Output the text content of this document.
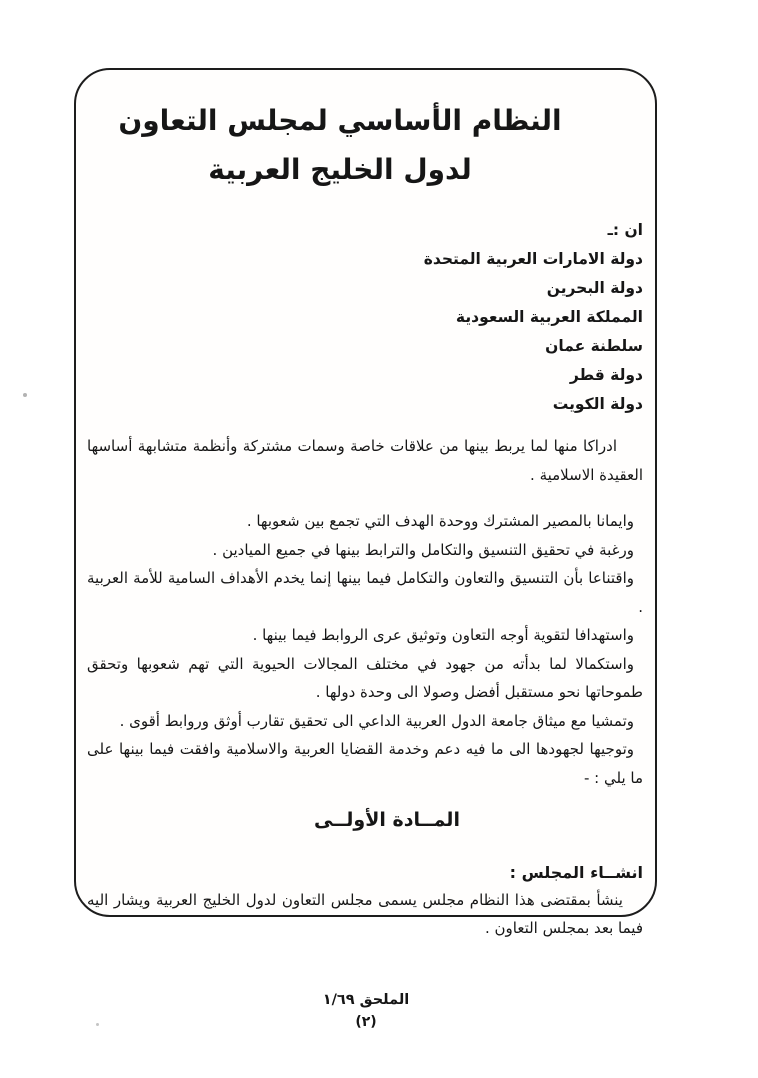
النظام الأساسي لمجلس التعاون
لدول الخليج العربية
ان :ـ
دولة الامارات العربية المتحدة
دولة البحرين
المملكة العربية السعودية
سلطنة عمان
دولة قطر
دولة الكويت

ادراكا منها لما يربط بينها من علاقات خاصة وسمات مشتركة وأنظمة متشابهة أساسها العقيدة الاسلامية .

وايمانا بالمصير المشترك ووحدة الهدف التي تجمع بين شعوبها .

ورغبة في تحقيق التنسيق والتكامل والترابط بينها في جميع الميادين .

واقتناعا بأن التنسيق والتعاون والتكامل فيما بينها إنما يخدم الأهداف السامية للأمة العربية .

واستهدافا لتقوية أوجه التعاون وتوثيق عرى الروابط فيما بينها .

واستكمالا لما بدأته من جهود في مختلف المجالات الحيوية التي تهم شعوبها وتحقق طموحاتها نحو مستقبل أفضل وصولا الى وحدة دولها .

وتمشيا مع ميثاق جامعة الدول العربية الداعي الى تحقيق تقارب أوثق وروابط أقوى .

وتوجيها لجهودها الى ما فيه دعم وخدمة القضايا العربية والاسلامية وافقت فيما بينها على ما يلي : -

المــادة الأولــى

انشــاء المجلس :

ينشأ بمقتضى هذا النظام مجلس يسمى مجلس التعاون لدول الخليج العربية ويشار اليه فيما بعد بمجلس التعاون .

الملحق ١/٦٩
(٢)
